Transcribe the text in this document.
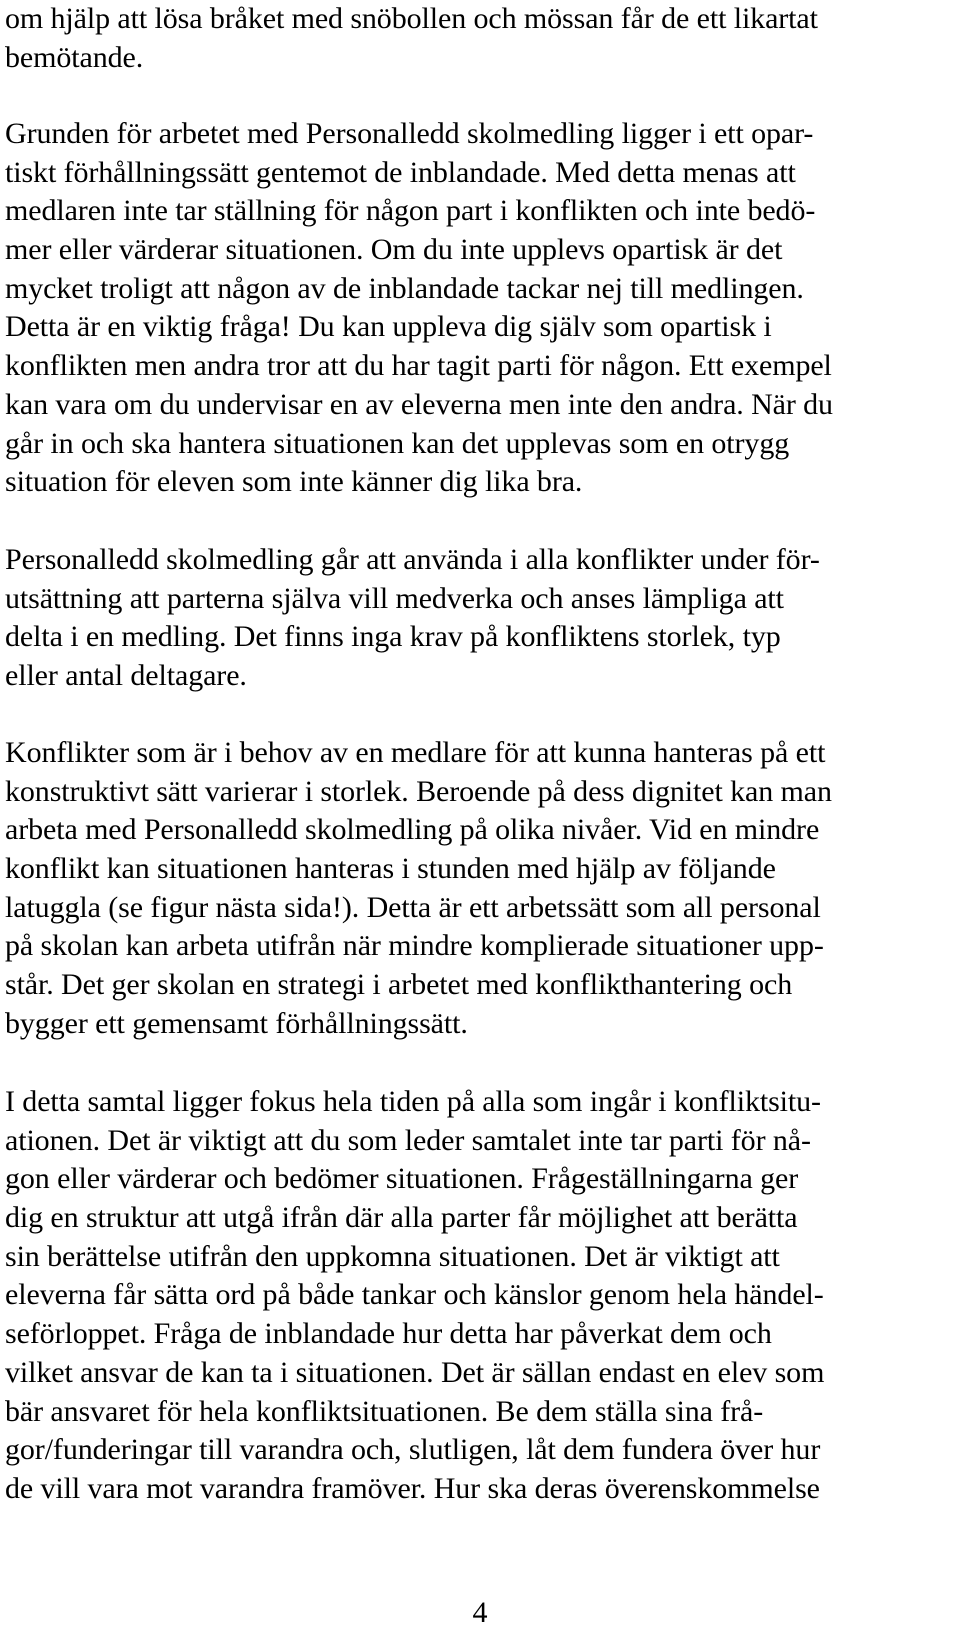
om hjälp att lösa bråket med snöbollen och mössan får de ett likartat
bemötande.
Grunden för arbetet med Personalledd skolmedling ligger i ett opar-
tiskt förhållningssätt gentemot de inblandade. Med detta menas att
medlaren inte tar ställning för någon part i konflikten och inte bedö-
mer eller värderar situationen. Om du inte upplevs opartisk är det
mycket troligt att någon av de inblandade tackar nej till medlingen.
Detta är en viktig fråga! Du kan uppleva dig själv som opartisk i
konflikten men andra tror att du har tagit parti för någon. Ett exempel
kan vara om du undervisar en av eleverna men inte den andra. När du
går in och ska hantera situationen kan det upplevas som en otrygg
situation för eleven som inte känner dig lika bra.
Personalledd skolmedling går att använda i alla konflikter under för-
utsättning att parterna själva vill medverka och anses lämpliga att
delta i en medling. Det finns inga krav på konfliktens storlek, typ
eller antal deltagare.
Konflikter som är i behov av en medlare för att kunna hanteras på ett
konstruktivt sätt varierar i storlek. Beroende på dess dignitet kan man
arbeta med Personalledd skolmedling på olika nivåer. Vid en mindre
konflikt kan situationen hanteras i stunden med hjälp av följande
latuggla (se figur nästa sida!). Detta är ett arbetssätt som all personal
på skolan kan arbeta utifrån när mindre komplierade situationer upp-
står. Det ger skolan en strategi i arbetet med konflikthantering och
bygger ett gemensamt förhållningssätt.
I detta samtal ligger fokus hela tiden på alla som ingår i konfliktsitu-
ationen. Det är viktigt att du som leder samtalet inte tar parti för nå-
gon eller värderar och bedömer situationen. Frågeställningarna ger
dig en struktur att utgå ifrån där alla parter får möjlighet att berätta
sin berättelse utifrån den uppkomna situationen. Det är viktigt att
eleverna får sätta ord på både tankar och känslor genom hela händel-
seförloppet. Fråga de inblandade hur detta har påverkat dem och
vilket ansvar de kan ta i situationen. Det är sällan endast en elev som
bär ansvaret för hela konfliktsituationen. Be dem ställa sina frå-
gor/funderingar till varandra och, slutligen, låt dem fundera över hur
de vill vara mot varandra framöver. Hur ska deras överenskommelse
4
